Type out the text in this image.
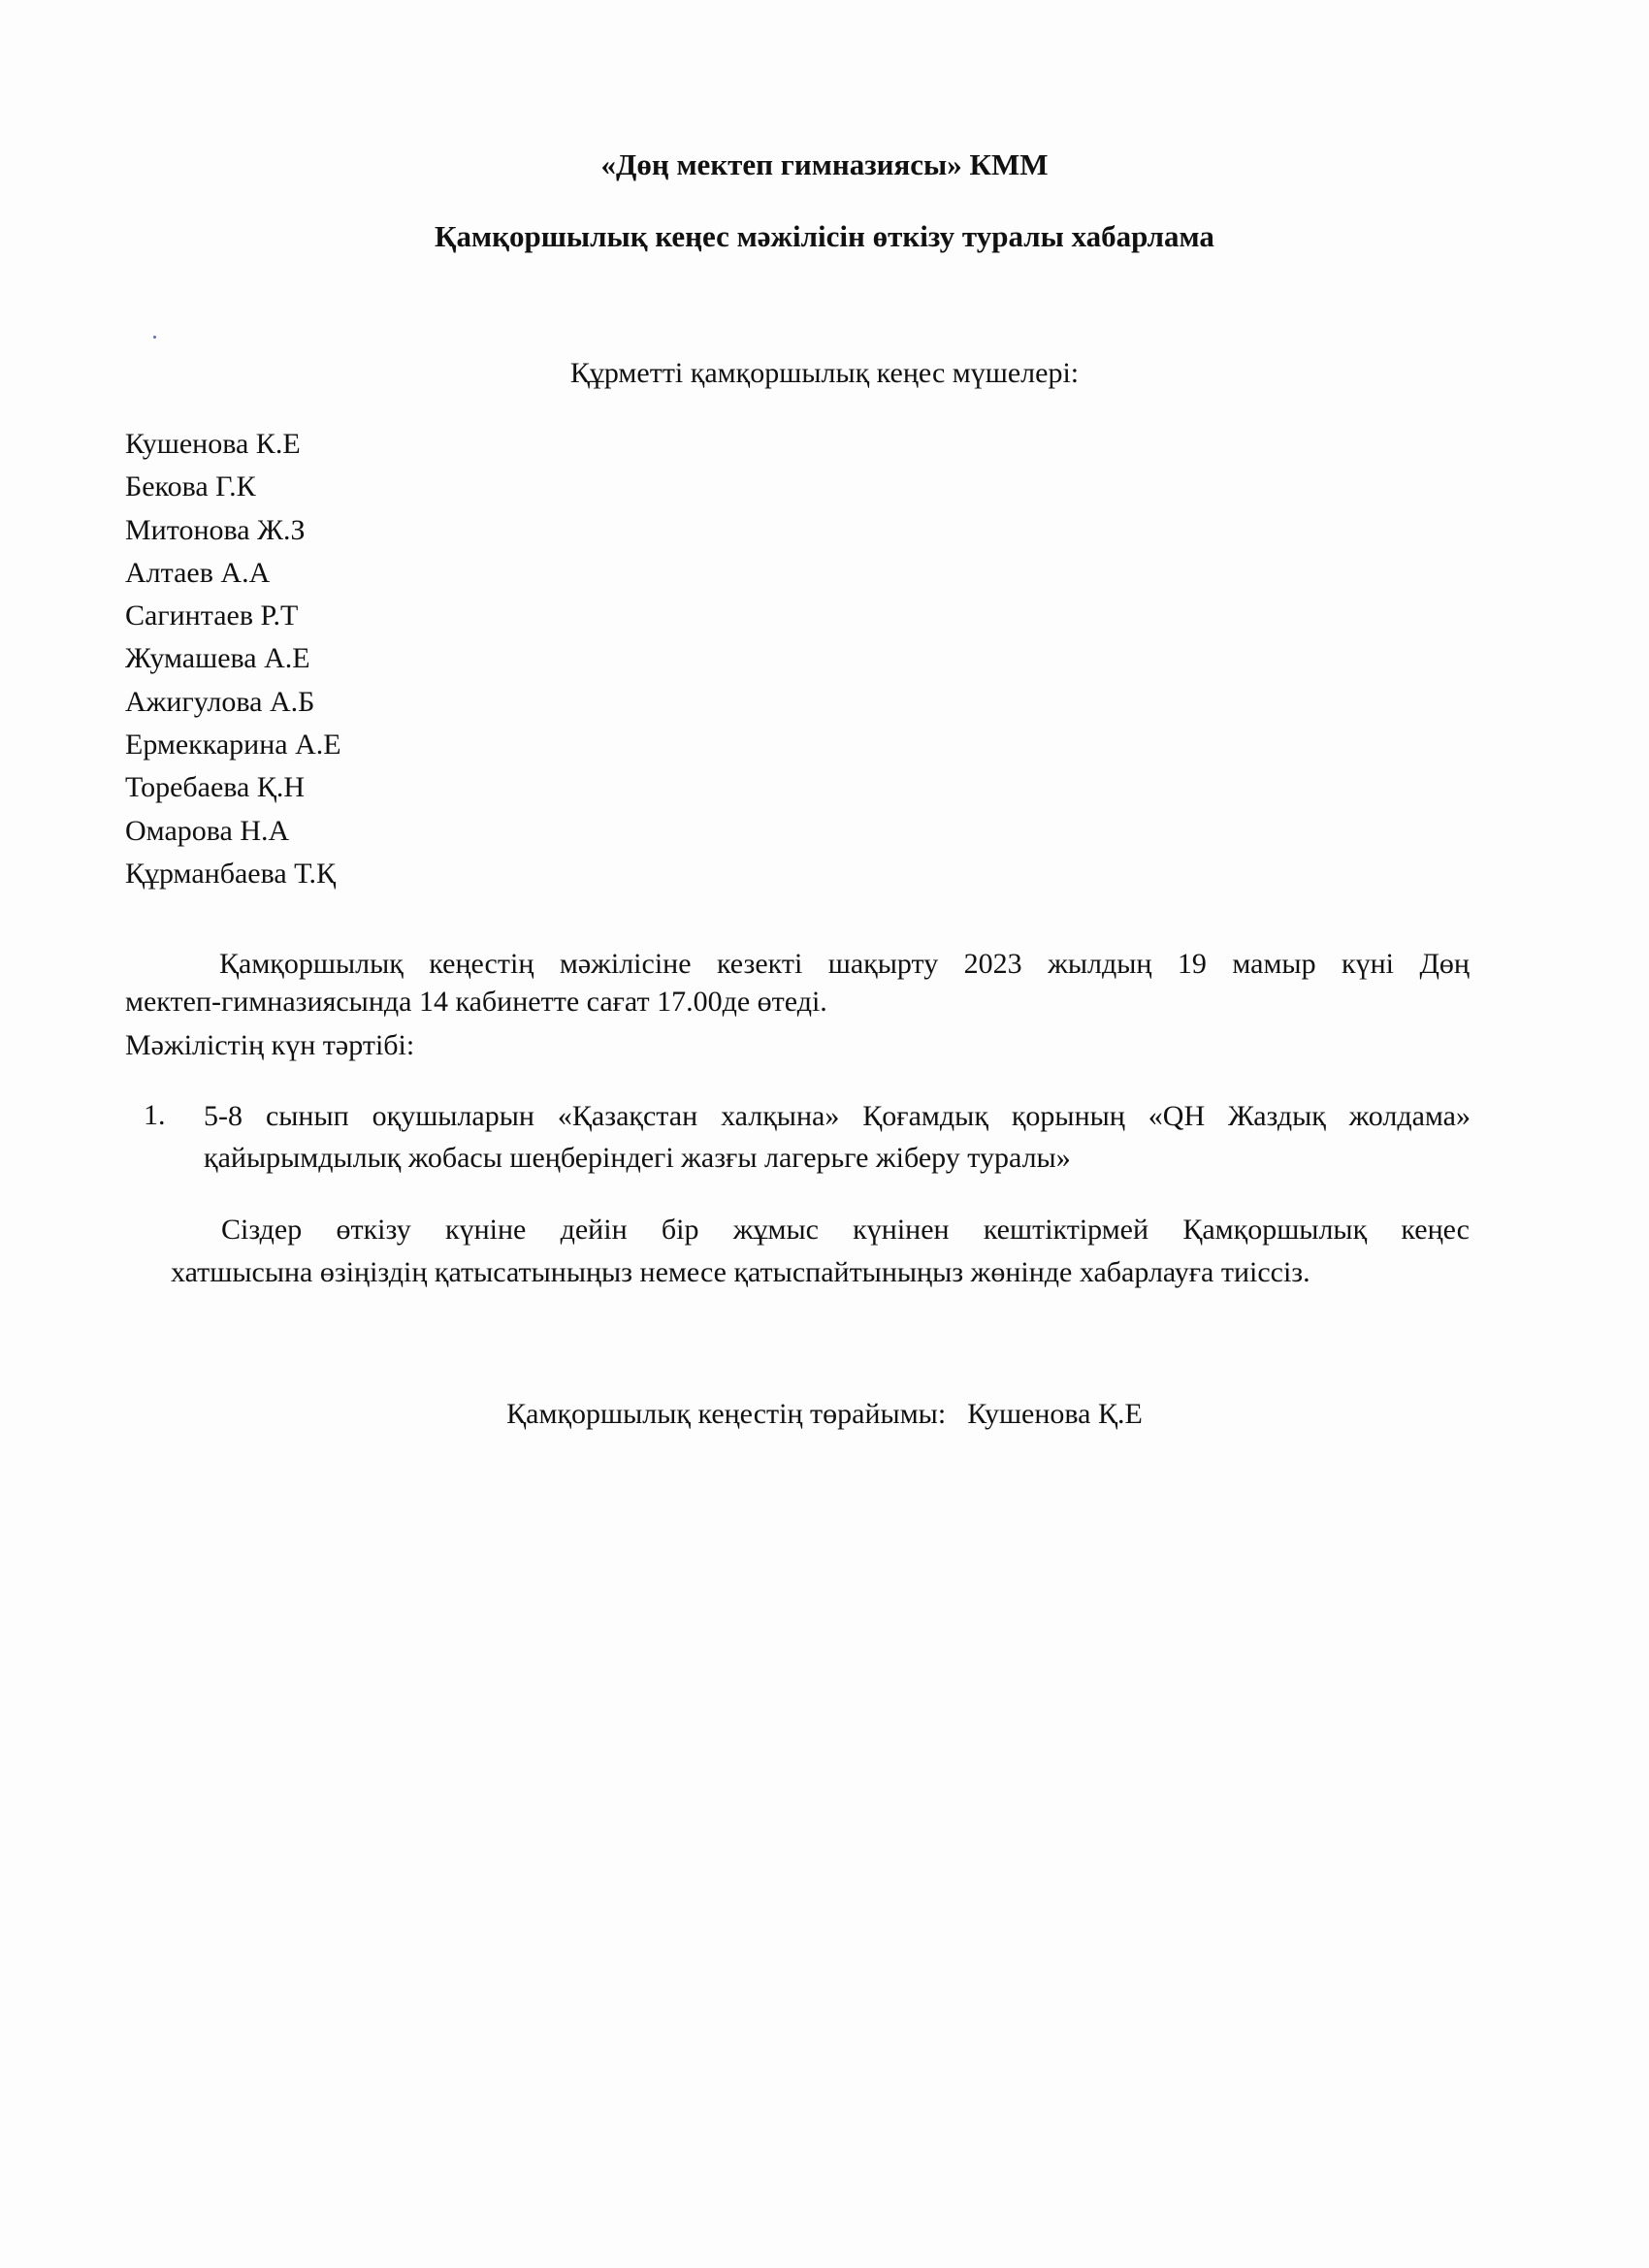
«Дөң мектеп гимназиясы» КММ
Қамқоршылық кеңес мәжілісін өткізу туралы хабарлама
Құрметті қамқоршылық кеңес мүшелері:
Кушенова К.Е
Бекова Г.К
Митонова Ж.З
Алтаев А.А
Сагинтаев Р.Т
Жумашева А.Е
Ажигулова А.Б
Ермеккарина А.Е
Торебаева Қ.Н
Омарова Н.А
Құрманбаева Т.Қ
Қамқоршылық кеңестің мәжілісіне кезекті шақырту 2023 жылдың 19 мамыр күні Дөң
мектеп-гимназиясында 14 кабинетте сағат 17.00де өтеді.
Мәжілістің күн тәртібі:
1. 5-8 сынып оқушыларын «Қазақстан халқына» Қоғамдық қорының «QH Жаздық жолдама»
қайырымдылық жобасы шеңберіндегі жазғы лагерьге жіберу туралы»
Сіздер өткізу күніне дейін бір жұмыс күнінен кештіктірмей Қамқоршылық кеңес
хатшысына өзіңіздің қатысатыныңыз немесе қатыспайтыныңыз жөнінде хабарлауға тиіссіз.
Қамқоршылық кеңестің төрайымы: Кушенова Қ.Е
